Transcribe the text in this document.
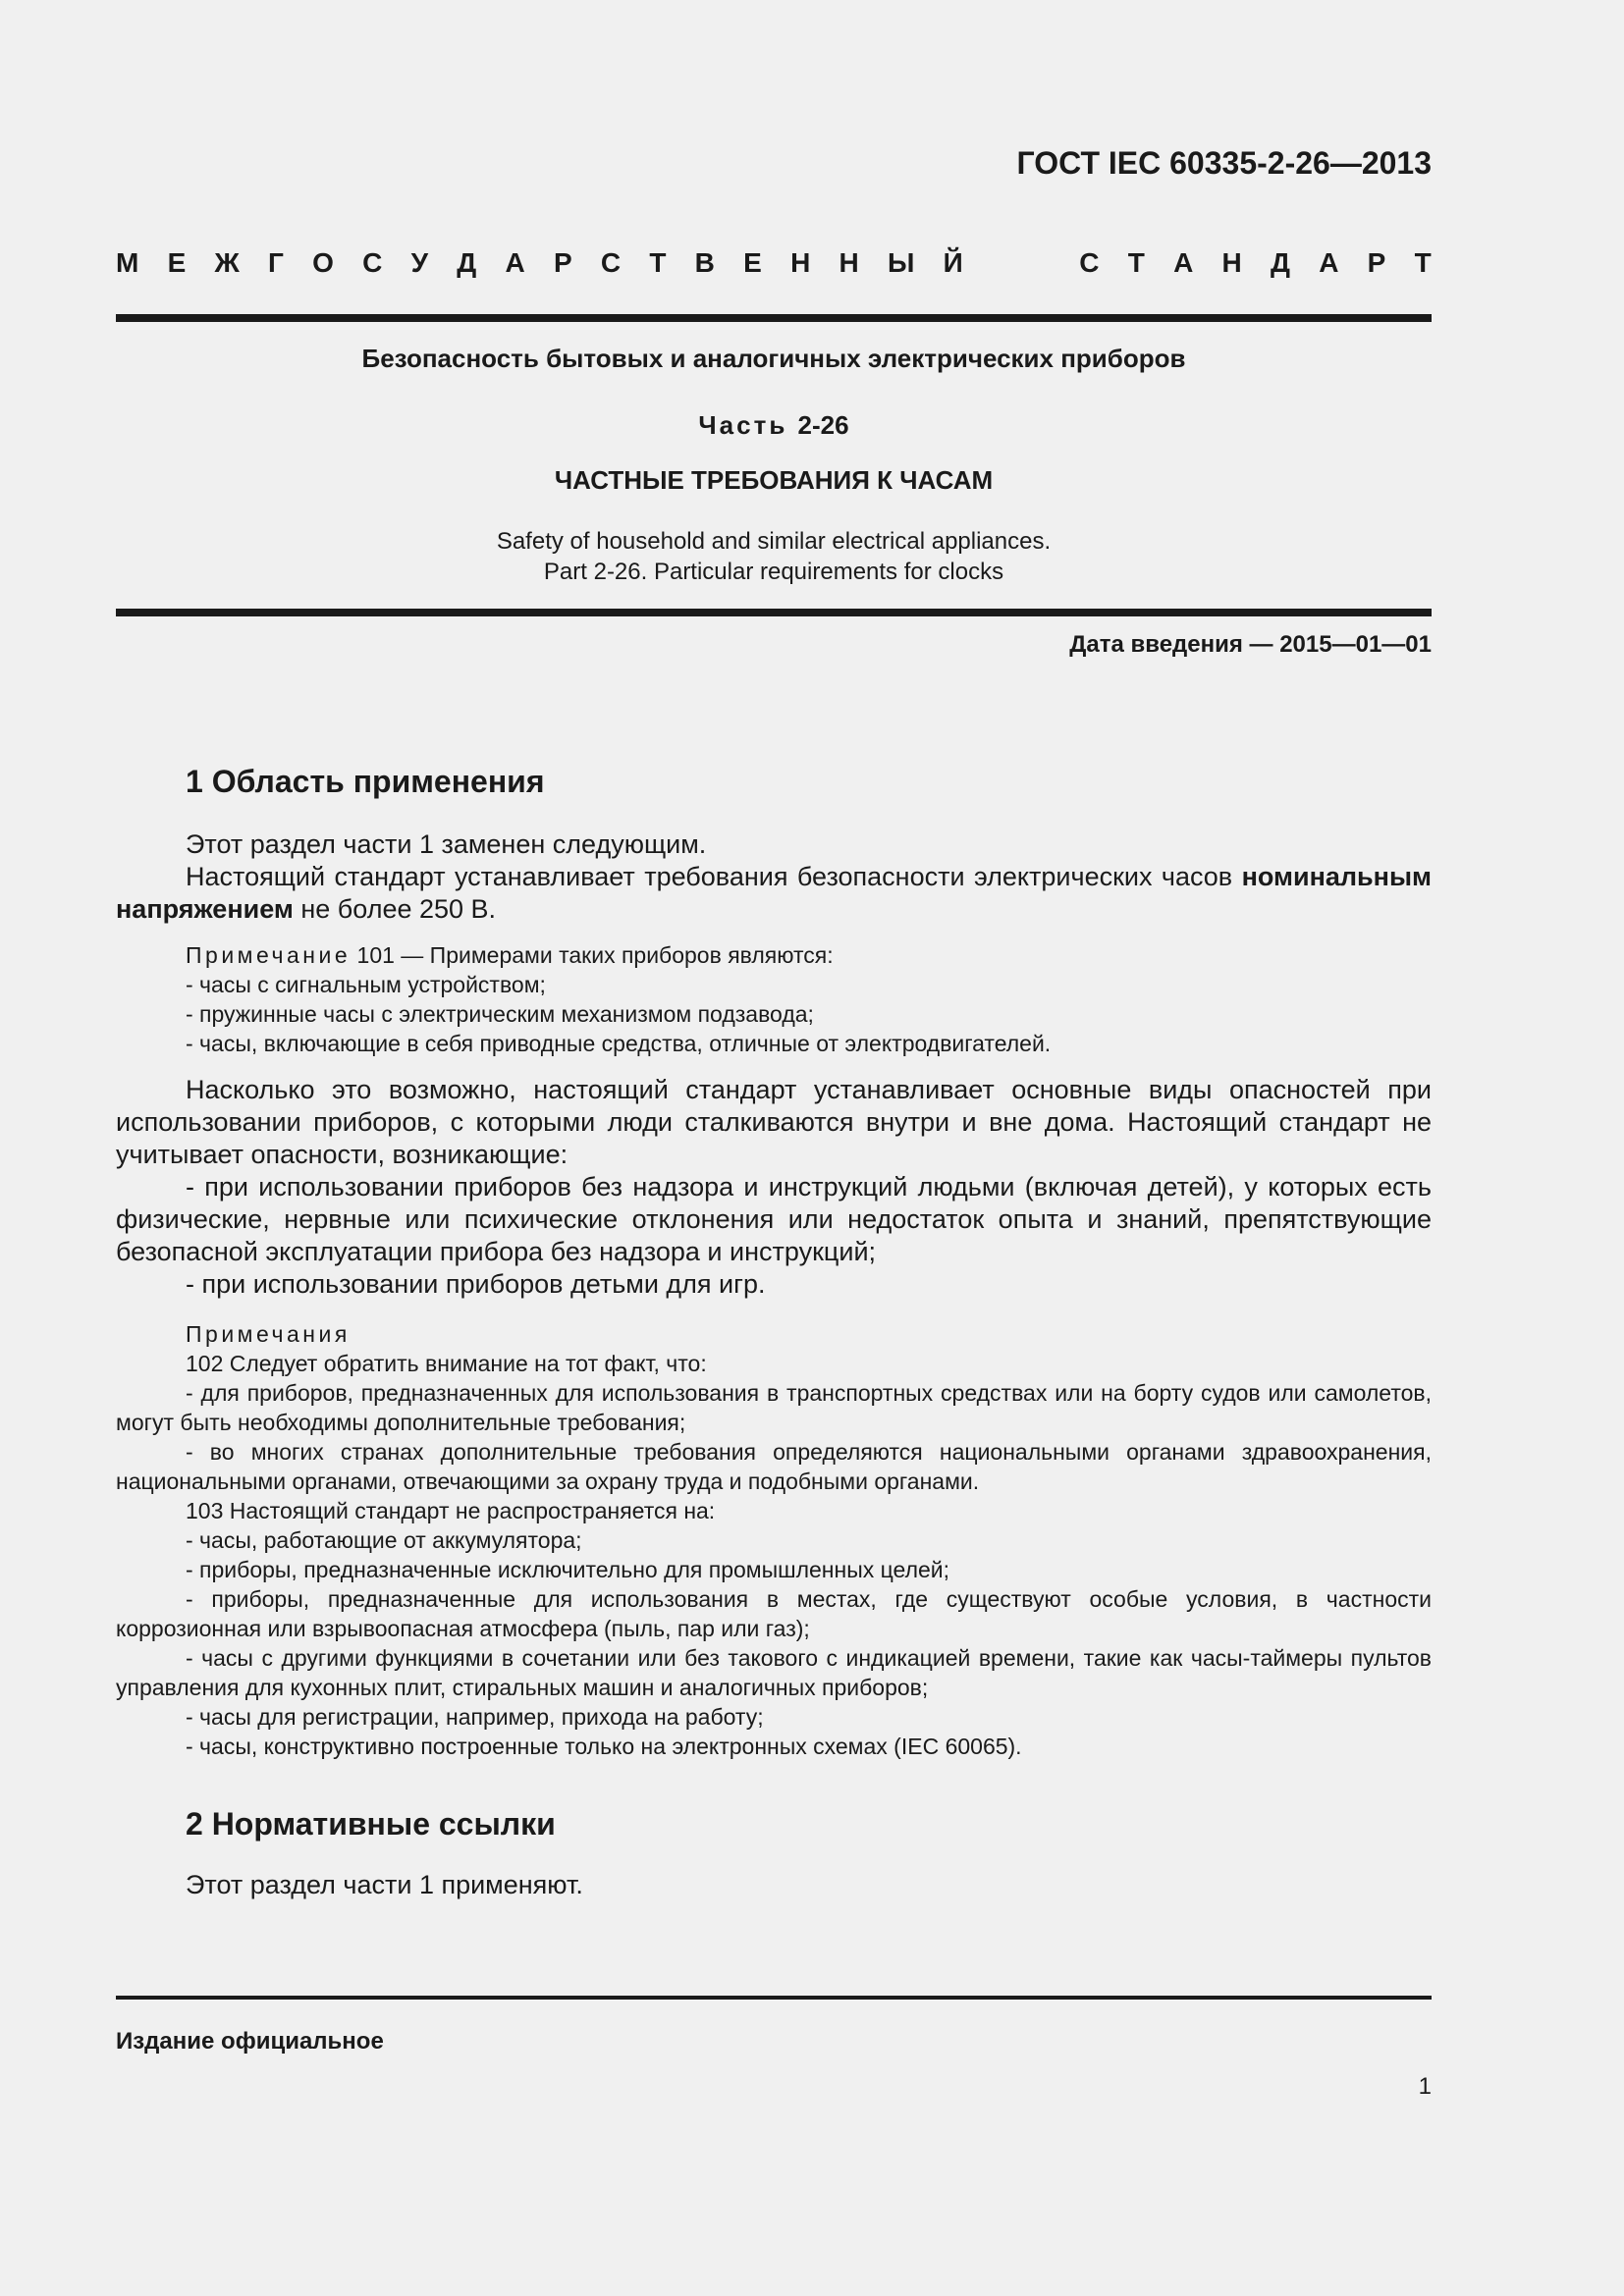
ГОСТ IEC 60335-2-26—2013
М Е Ж Г О С У Д А Р С Т В Е Н Н Ы Й	С Т А Н Д А Р Т
Безопасность бытовых и аналогичных электрических приборов
Часть 2-26
ЧАСТНЫЕ ТРЕБОВАНИЯ К ЧАСАМ
Safety of household and similar electrical appliances.
Part 2-26. Particular requirements for clocks
Дата введения — 2015—01—01
1 Область применения

Этот раздел части 1 заменен следующим.

Настоящий стандарт устанавливает требования безопасности электрических часов номинальным напряжением не более 250 В.

Примечание 101 — Примерами таких приборов являются:
- часы с сигнальным устройством;
- пружинные часы с электрическим механизмом подзавода;
- часы, включающие в себя приводные средства, отличные от электродвигателей.

Насколько это возможно, настоящий стандарт устанавливает основные виды опасностей при использовании приборов, с которыми люди сталкиваются внутри и вне дома. Настоящий стандарт не учитывает опасности, возникающие:

- при использовании приборов без надзора и инструкций людьми (включая детей), у которых есть физические, нервные или психические отклонения или недостаток опыта и знаний, препятствующие безопасной эксплуатации прибора без надзора и инструкций;

- при использовании приборов детьми для игр.

Примечания
102 Следует обратить внимание на тот факт, что:
- для приборов, предназначенных для использования в транспортных средствах или на борту судов или самолетов, могут быть необходимы дополнительные требования;
- во многих странах дополнительные требования определяются национальными органами здравоохранения, национальными органами, отвечающими за охрану труда и подобными органами.
103 Настоящий стандарт не распространяется на:
- часы, работающие от аккумулятора;
- приборы, предназначенные исключительно для промышленных целей;
- приборы, предназначенные для использования в местах, где существуют особые условия, в частности коррозионная или взрывоопасная атмосфера (пыль, пар или газ);
- часы с другими функциями в сочетании или без такового с индикацией времени, такие как часы-таймеры пультов управления для кухонных плит, стиральных машин и аналогичных приборов;
- часы для регистрации, например, прихода на работу;
- часы, конструктивно построенные только на электронных схемах (IEC 60065).
2 Нормативные ссылки

Этот раздел части 1 применяют.

Издание официальное
1
